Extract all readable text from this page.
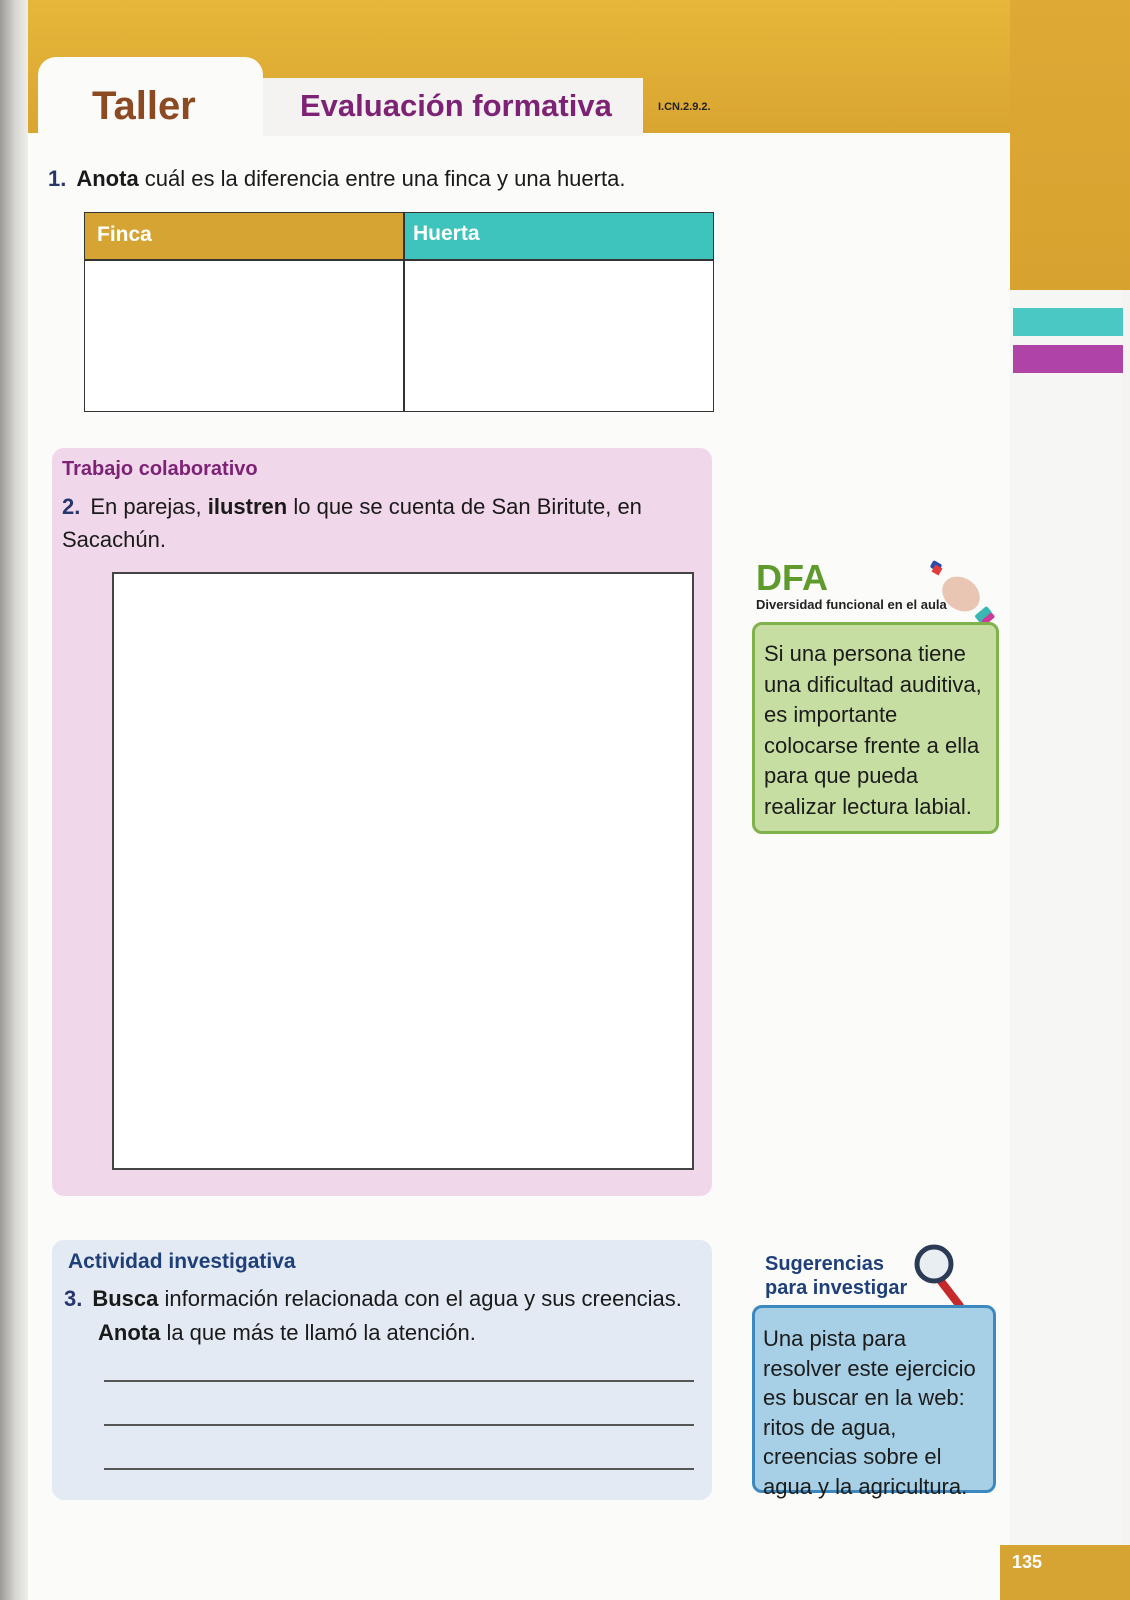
Taller	Evaluación formativa	I.CN.2.9.2.
1. Anota cuál es la diferencia entre una finca y una huerta.
Finca	Huerta
Trabajo colaborativo
2. En parejas, ilustren lo que se cuenta de San Biritute, en Sacachún.
Actividad investigativa
3. Busca información relacionada con el agua y sus creencias.
Anota la que más te llamó la atención.
DFA
Diversidad funcional en el aula
Si una persona tiene una dificultad auditiva, es importante colocarse frente a ella para que pueda realizar lectura labial.
Sugerencias
para investigar
Una pista para resolver este ejercicio es buscar en la web: ritos de agua, creencias sobre el agua y la agricultura.
135
